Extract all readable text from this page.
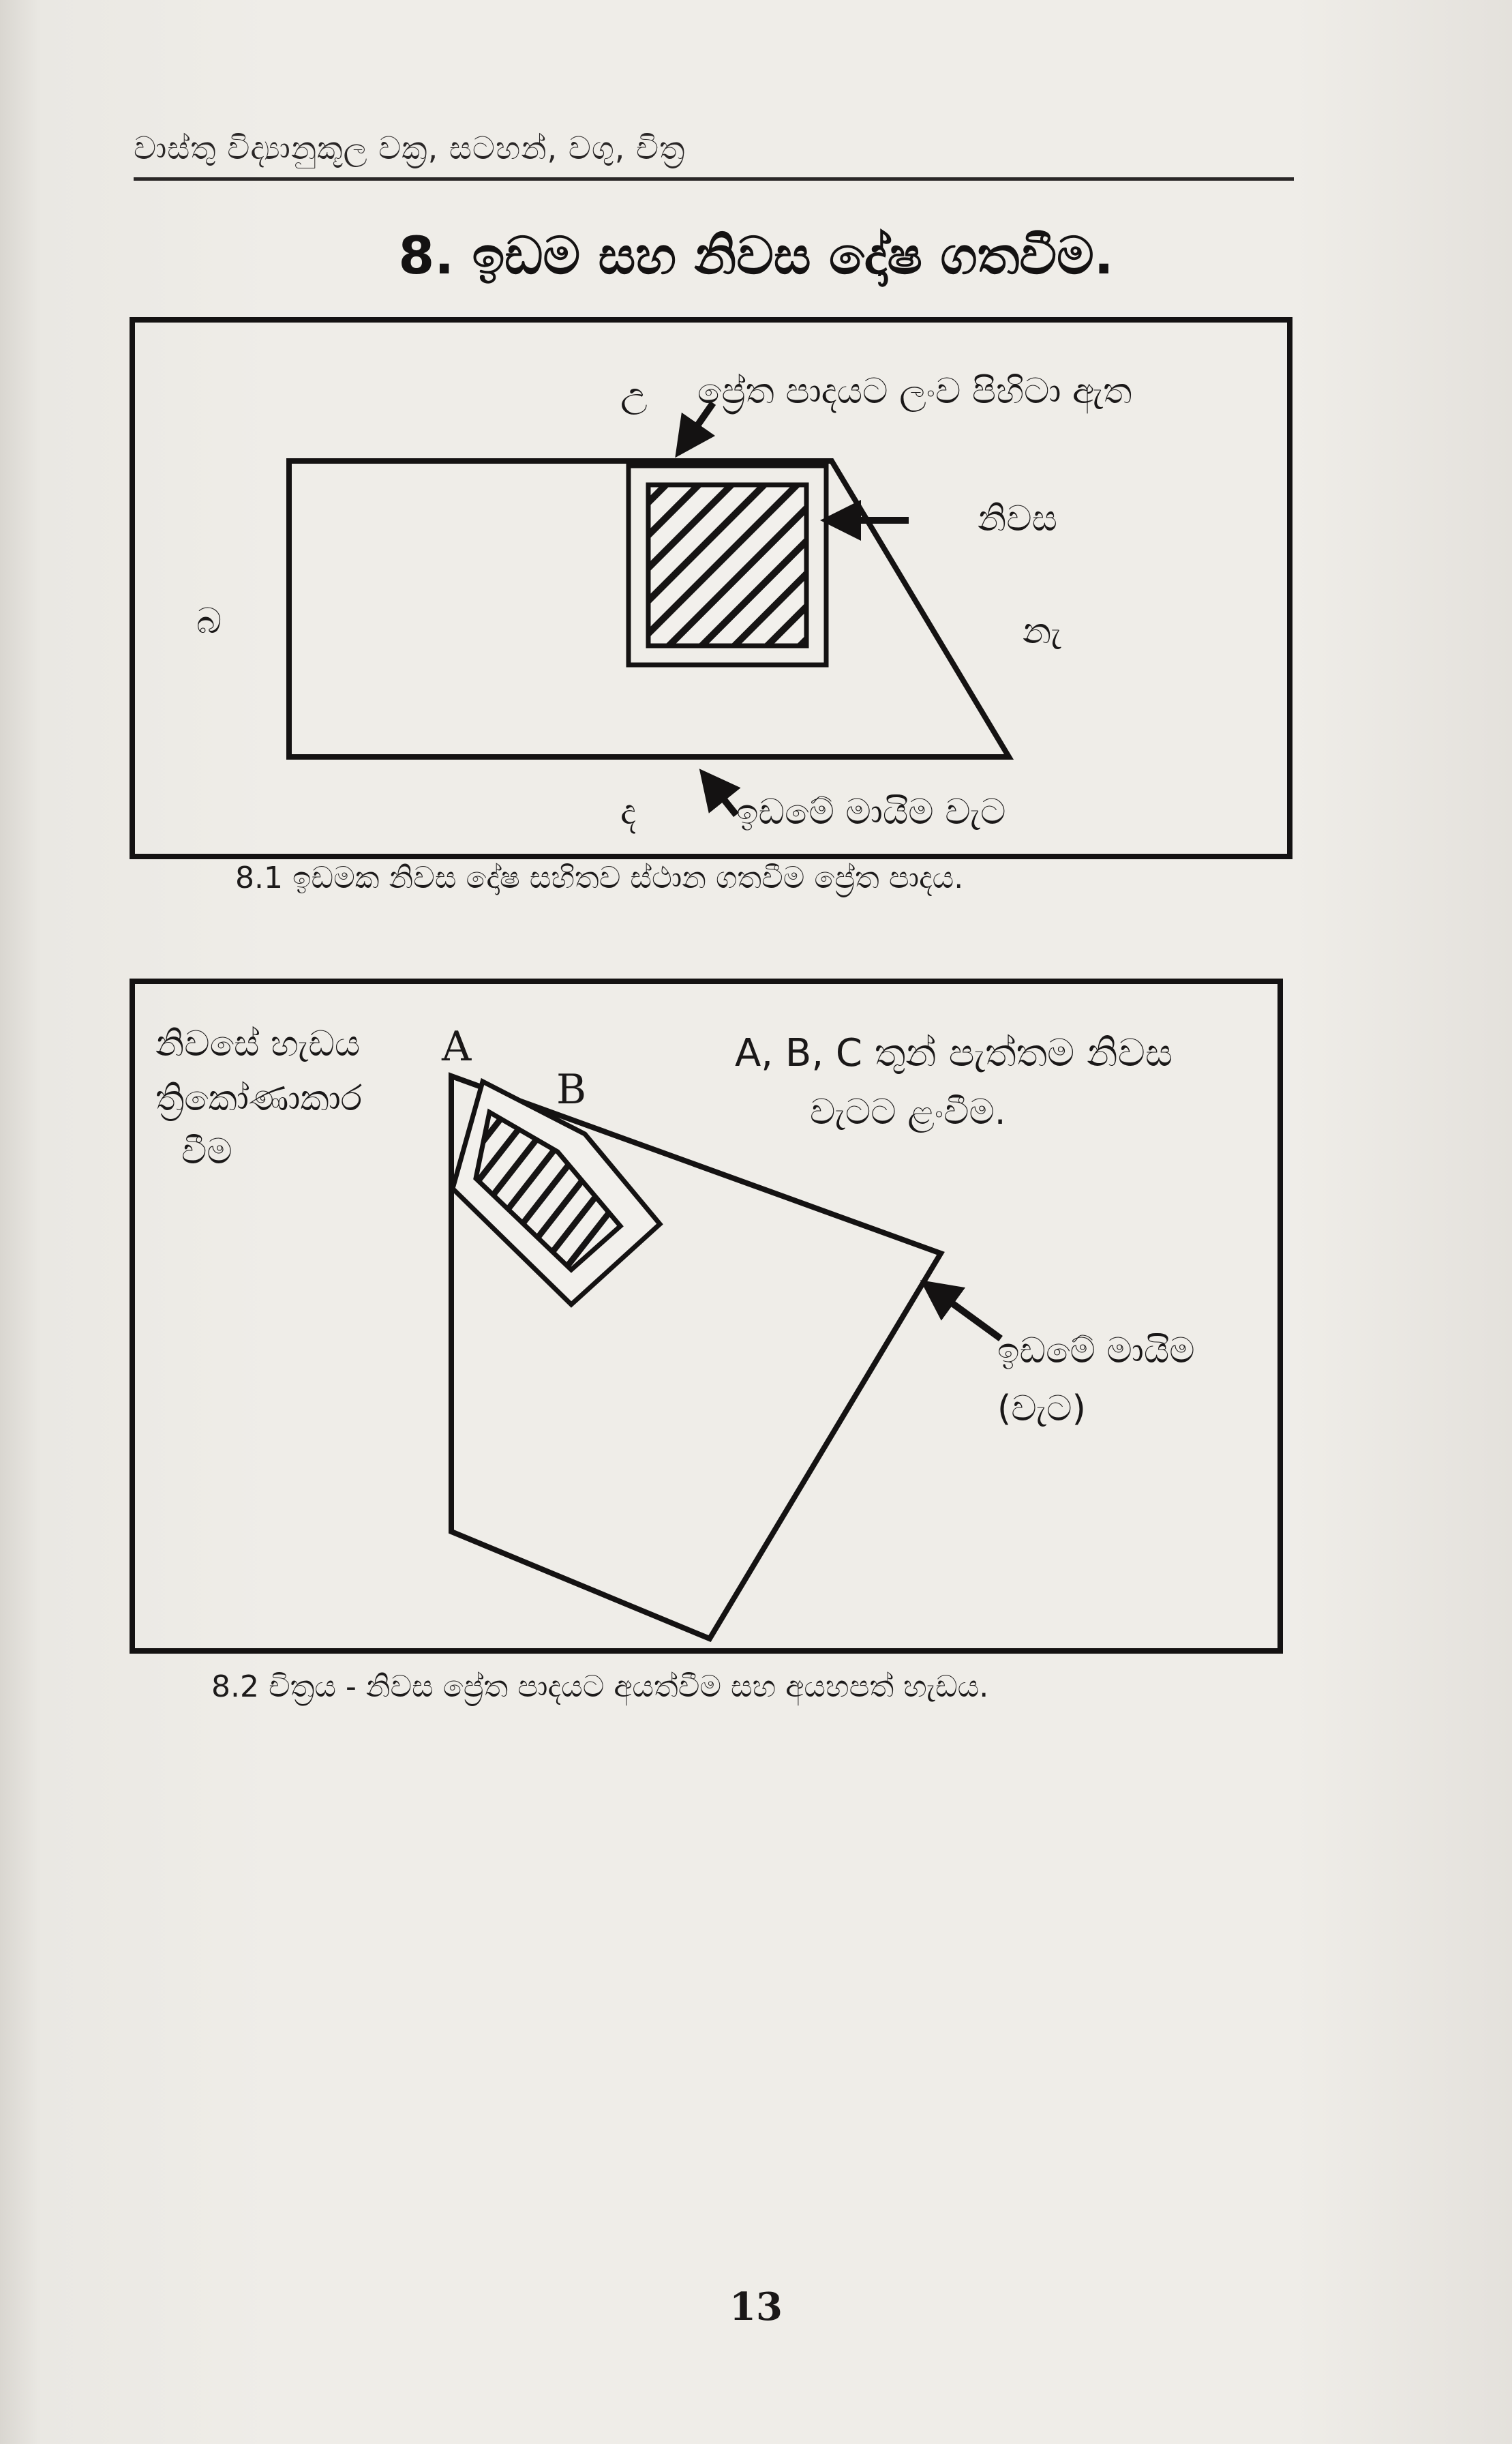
වාස්තු විද්‍යානුකූල වක්‍ර, සටහන්, වගු, චිත්‍ර
8. ඉඩම සහ නිවස දෝෂ ගතවීම.
උ ප්‍රේත පාදයට ලංව පිහිටා ඇත
නිවස
බ	නැ
ද	ඉඩමේ මායිම වැට
8.1 ඉඩමක නිවස දෝෂ සහිතව ස්ථාන ගතවීම ප්‍රේත පාදය.
නිවසේ හැඩය
ත්‍රිකෝණාකාර
වීම
A
B
A, B, C තුන් පැත්තම නිවස
වැටට ළංවීම.
ඉඩමේ මායිම
(වැට)
8.2 චිත්‍රය - නිවස ප්‍රේත පාදයට අයත්වීම සහ අයහපත් හැඩය.
13
